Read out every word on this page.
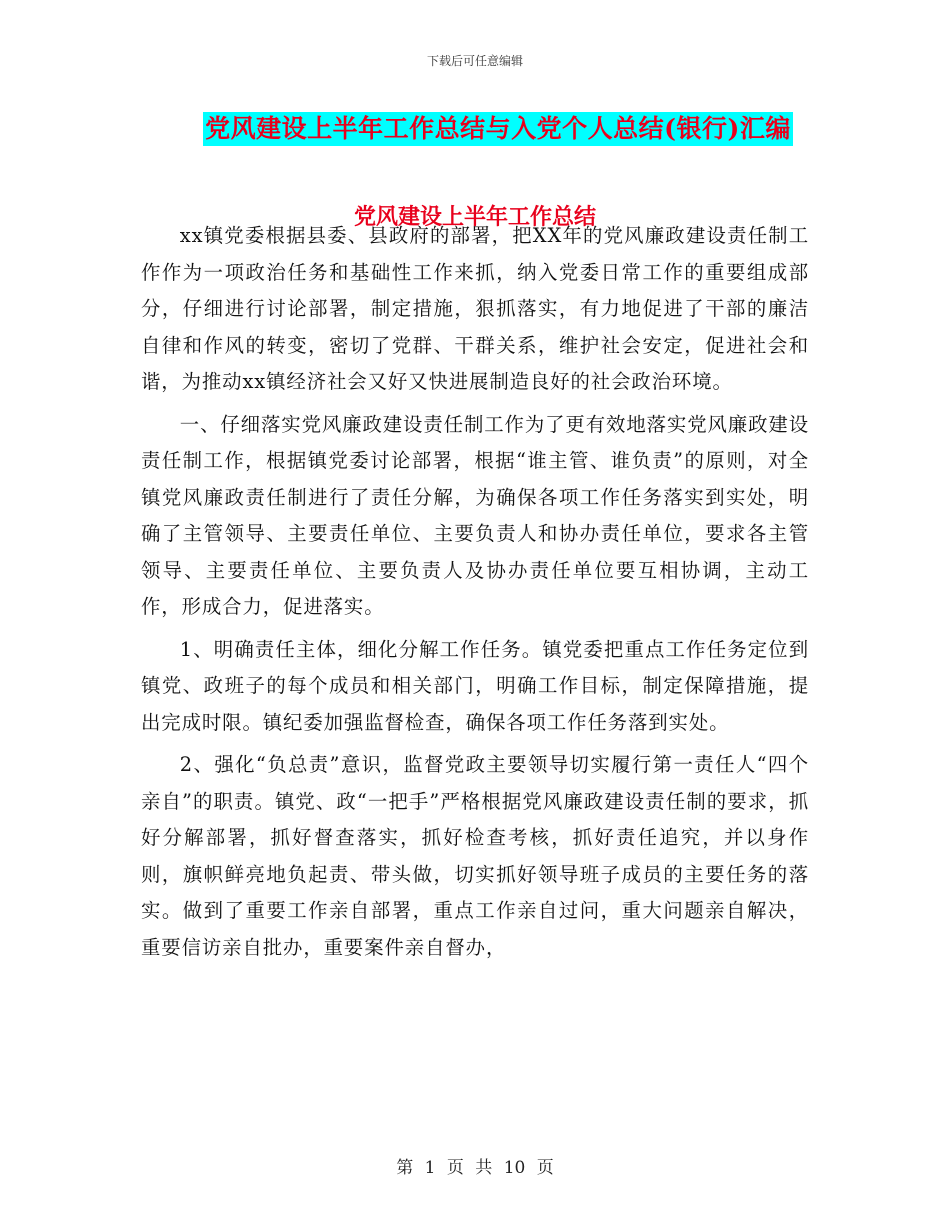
下载后可任意编辑
党风建设上半年工作总结与入党个人总结(银行)汇编
党风建设上半年工作总结

xx镇党委根据县委、县政府的部署，把XX年的党风廉政建设责任制工作作为一项政治任务和基础性工作来抓，纳入党委日常工作的重要组成部分，仔细进行讨论部署，制定措施，狠抓落实，有力地促进了干部的廉洁自律和作风的转变，密切了党群、干群关系，维护社会安定，促进社会和谐，为推动xx镇经济社会又好又快进展制造良好的社会政治环境。

一、仔细落实党风廉政建设责任制工作为了更有效地落实党风廉政建设责任制工作，根据镇党委讨论部署，根据“谁主管、谁负责”的原则，对全镇党风廉政责任制进行了责任分解，为确保各项工作任务落实到实处，明确了主管领导、主要责任单位、主要负责人和协办责任单位，要求各主管领导、主要责任单位、主要负责人及协办责任单位要互相协调，主动工作，形成合力，促进落实。

1、明确责任主体，细化分解工作任务。镇党委把重点工作任务定位到镇党、政班子的每个成员和相关部门，明确工作目标，制定保障措施，提出完成时限。镇纪委加强监督检查，确保各项工作任务落到实处。

2、强化“负总责”意识，监督党政主要领导切实履行第一责任人“四个亲自”的职责。镇党、政“一把手”严格根据党风廉政建设责任制的要求，抓好分解部署，抓好督查落实，抓好检查考核，抓好责任追究，并以身作则，旗帜鲜亮地负起责、带头做，切实抓好领导班子成员的主要任务的落实。做到了重要工作亲自部署，重点工作亲自过问，重大问题亲自解决，重要信访亲自批办，重要案件亲自督办，

第 1 页 共 10 页
